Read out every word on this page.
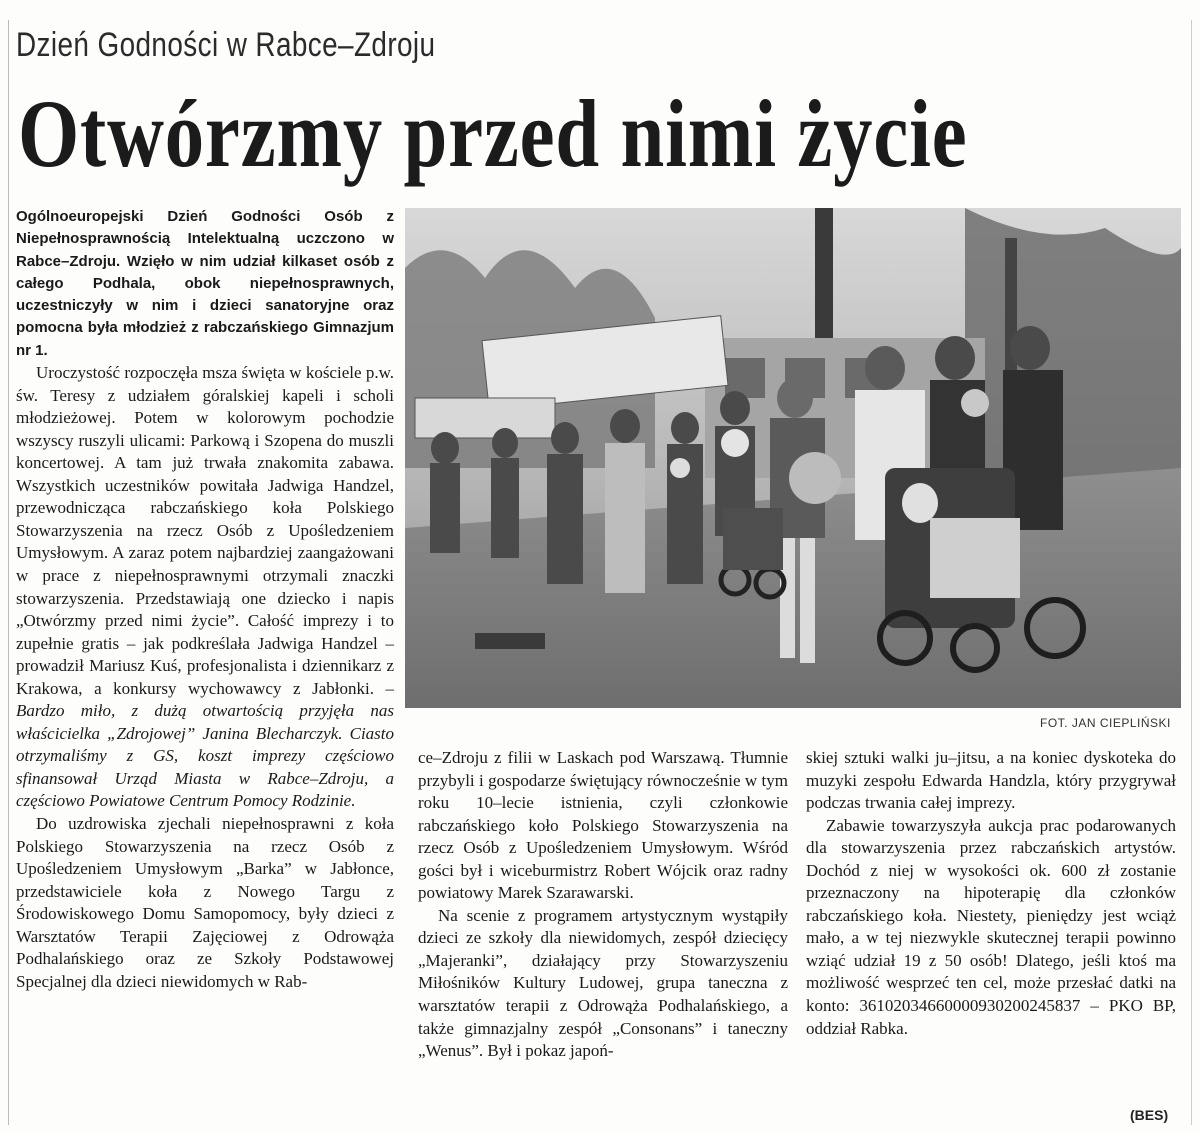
Dzień Godności w Rabce–Zdroju
Otwórzmy przed nimi życie

Ogólnoeuropejski Dzień Godności Osób z Niepełnosprawnością Intelektualną uczczono w Rabce–Zdroju. Wzięło w nim udział kilkaset osób z całego Podhala, obok niepełnosprawnych, uczestniczyły w nim i dzieci sanatoryjne oraz pomocna była młodzież z rabczańskiego Gimnazjum nr 1.

Uroczystość rozpoczęła msza święta w kościele p.w. św. Teresy z udziałem góralskiej kapeli i scholi młodzieżowej. Potem w kolorowym pochodzie wszyscy ruszyli ulicami: Parkową i Szopena do muszli koncertowej. A tam już trwała znakomita zabawa. Wszystkich uczestników powitała Jadwiga Handzel, przewodnicząca rabczańskiego koła Polskiego Stowarzyszenia na rzecz Osób z Upośledzeniem Umysłowym. A zaraz potem najbardziej zaangażowani w prace z niepełnosprawnymi otrzymali znaczki stowarzyszenia. Przedstawiają one dziecko i napis „Otwórzmy przed nimi życie”. Całość imprezy i to zupełnie gratis – jak podkreślała Jadwiga Handzel – prowadził Mariusz Kuś, profesjonalista i dziennikarz z Krakowa, a konkursy wychowawcy z Jabłonki. – Bardzo miło, z dużą otwartością przyjęła nas właścicielka „Zdrojowej” Janina Blecharczyk. Ciasto otrzymaliśmy z GS, koszt imprezy częściowo sfinansował Urząd Miasta w Rabce–Zdroju, a częściowo Powiatowe Centrum Pomocy Rodzinie.

Do uzdrowiska zjechali niepełnosprawni z koła Polskiego Stowarzyszenia na rzecz Osób z Upośledzeniem Umysłowym „Barka” w Jabłonce, przedstawiciele koła z Nowego Targu z Środowiskowego Domu Samopomocy, były dzieci z Warsztatów Terapii Zajęciowej z Odrowąża Podhalańskiego oraz ze Szkoły Podstawowej Specjalnej dla dzieci niewidomych w Rab-

FOT. JAN CIEPLIŃSKI

ce–Zdroju z filii w Laskach pod Warszawą. Tłumnie przybyli i gospodarze świętujący równocześnie w tym roku 10–lecie istnienia, czyli członkowie rabczańskiego koło Polskiego Stowarzyszenia na rzecz Osób z Upośledzeniem Umysłowym. Wśród gości był i wiceburmistrz Robert Wójcik oraz radny powiatowy Marek Szarawarski.

Na scenie z programem artystycznym wystąpiły dzieci ze szkoły dla niewidomych, zespół dziecięcy „Majeranki”, działający przy Stowarzyszeniu Miłośników Kultury Ludowej, grupa taneczna z warsztatów terapii z Odrowąża Podhalańskiego, a także gimnazjalny zespół „Consonans” i taneczny „Wenus”. Był i pokaz japoń-

skiej sztuki walki ju–jitsu, a na koniec dyskoteka do muzyki zespołu Edwarda Handzla, który przygrywał podczas trwania całej imprezy.

Zabawie towarzyszyła aukcja prac podarowanych dla stowarzyszenia przez rabczańskich artystów. Dochód z niej w wysokości ok. 600 zł zostanie przeznaczony na hipoterapię dla członków rabczańskiego koła. Niestety, pieniędzy jest wciąż mało, a w tej niezwykle skutecznej terapii powinno wziąć udział 19 z 50 osób! Dlatego, jeśli ktoś ma możliwość wesprzeć ten cel, może przesłać datki na konto: 36102034660000930200245837 – PKO BP, oddział Rabka.

(BES)
